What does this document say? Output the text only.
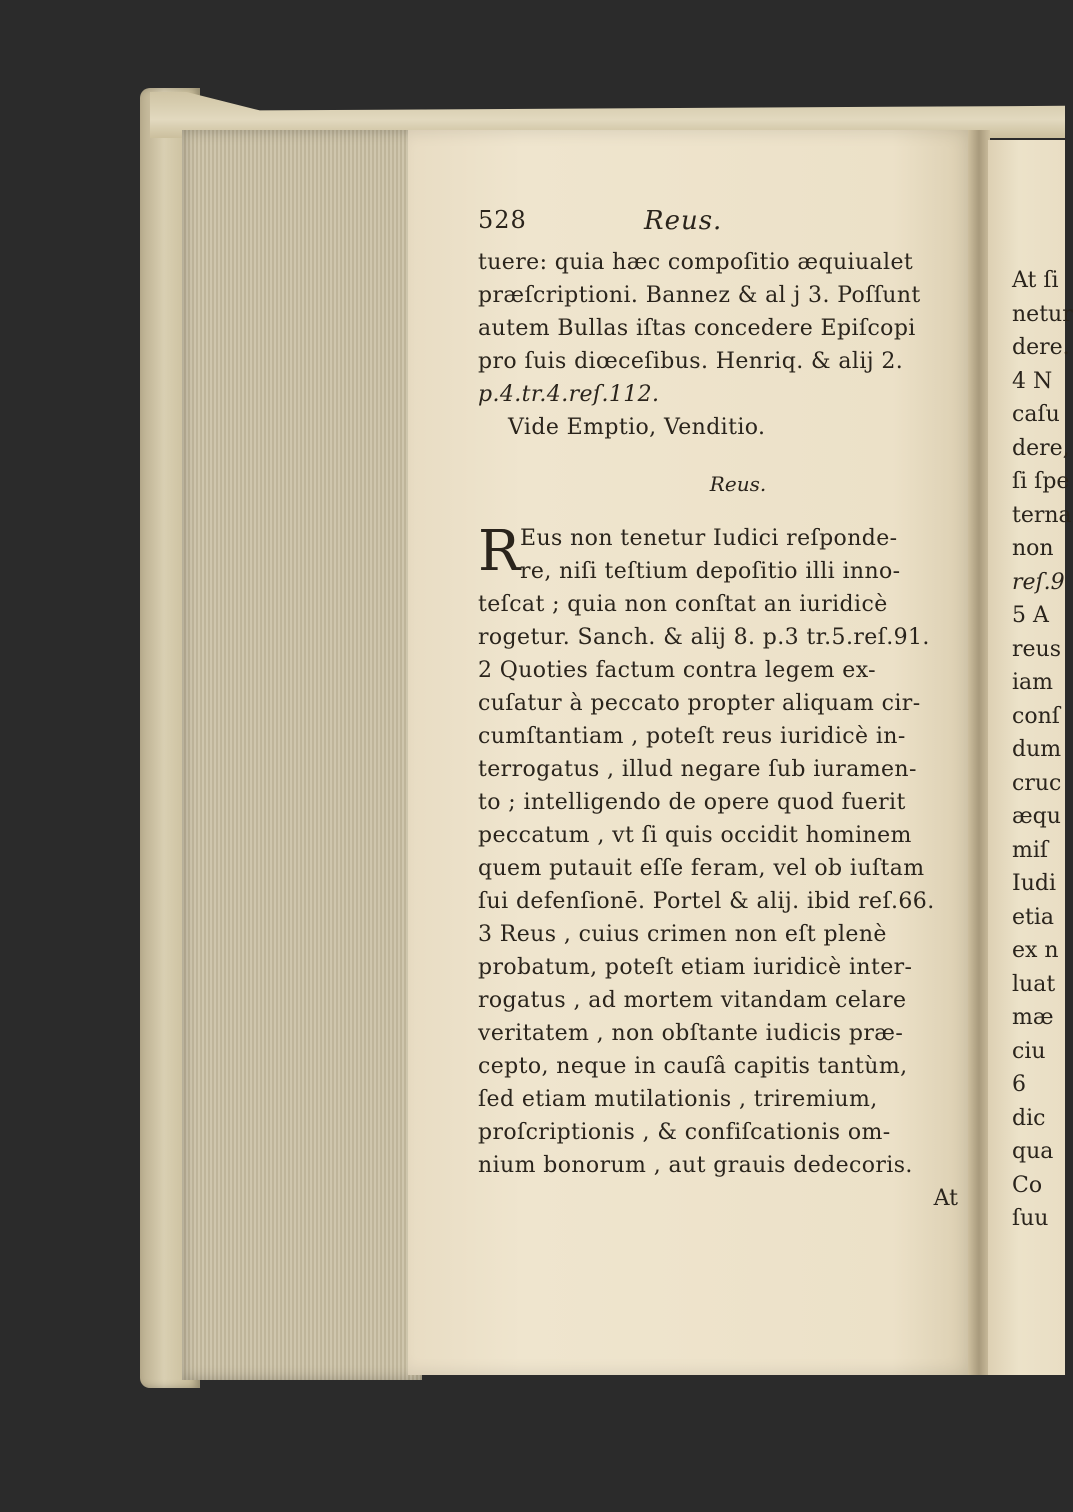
528	Reus.
tuere: quia hæc compoſitio æquiualet
præſcriptioni. Bannez & al j 3. Poſſunt
autem Bullas iſtas concedere Epiſcopi
pro ſuis diœceſibus. Henriq. & alij 2.
p.4.tr.4.reſ.112.
Vide Emptio, Venditio.
Reus.
R Eus non tenetur Iudici reſpondе-
re, niſi teſtium depoſitio illi inno-
teſcat ; quia non conſtat an iuridicè
rogetur. Sanch. & alij 8. p.3 tr.5.reſ.91.
2 Quoties factum contra legem ex-
cuſatur à peccato propter aliquam cir-
cumſtantiam , poteſt reus iuridicè in-
terrogatus , illud negare ſub iuramen-
to ; intelligendo de opere quod fuerit
peccatum , vt ſi quis occidit hominem
quem putauit eſſe feram, vel ob iuſtam
ſui defenſionē. Portel & alij. ibid reſ.66.
3 Reus , cuius crimen non eſt plenè
probatum, poteſt etiam iuridicè inter-
rogatus , ad mortem vitandam celare
veritatem , non obſtante iudicis præ-
cepto, neque in cauſâ capitis tantùm,
ſed etiam mutilationis , triremium,
proſcriptionis , & confiſcationis om-
nium bonorum , aut grauis dedecoris.
At
At ſi
netur
dere.
4 N
caſu
dere,
ſi ſpe
terna
non
reſ.9
5 A
reus
iam
conſ
dum
cruc
æqu
miſ
Iudi
etia
ex n
luat
mæ
ciu
6
dic
qua
Co
ſuu
